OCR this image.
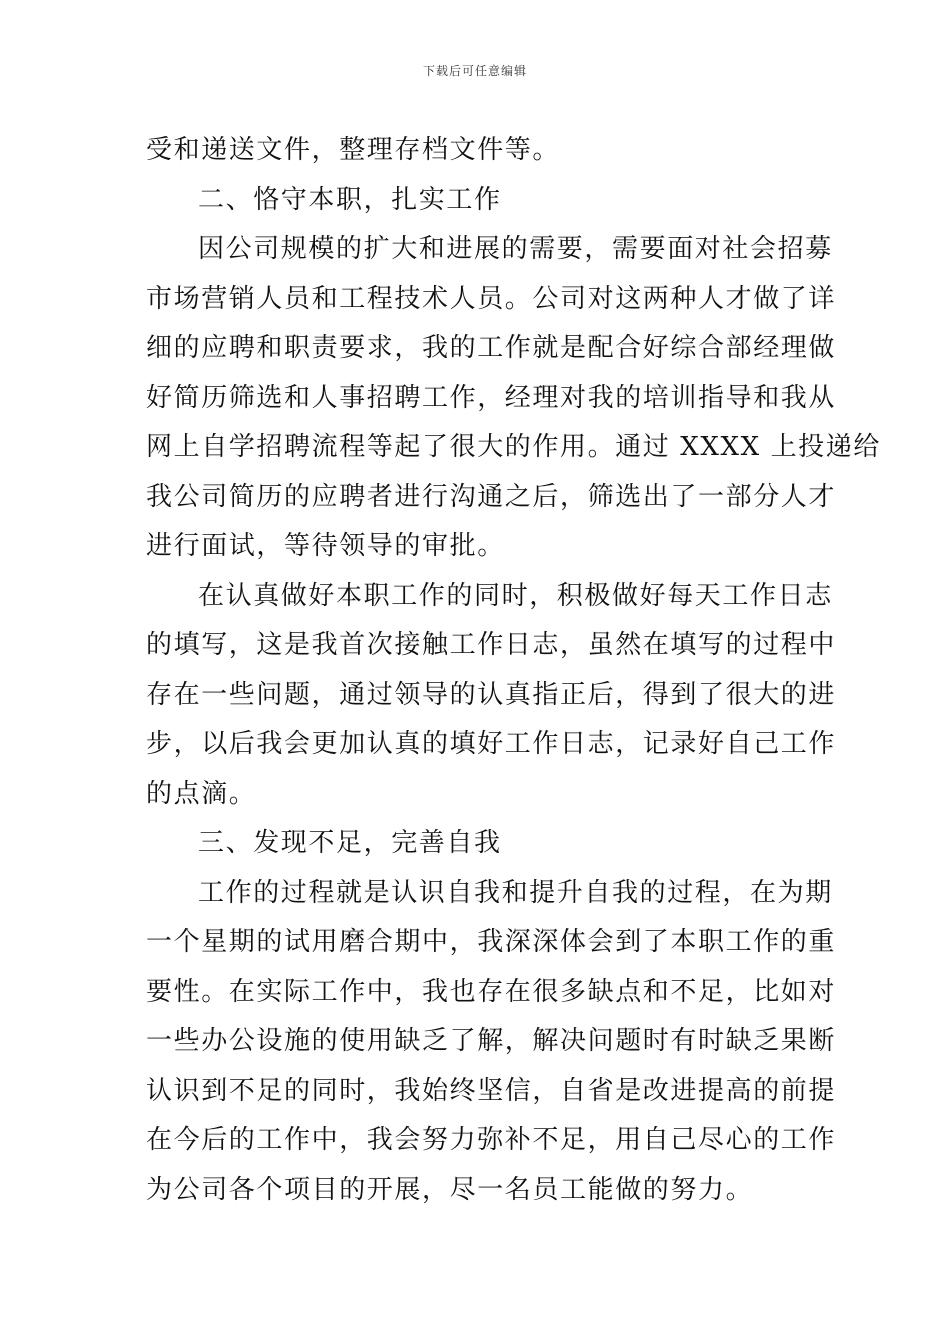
下载后可任意编辑
受和递送文件，整理存档文件等。
二、恪守本职，扎实工作
因公司规模的扩大和进展的需要，需要面对社会招募
市场营销人员和工程技术人员。公司对这两种人才做了详
细的应聘和职责要求，我的工作就是配合好综合部经理做
好简历筛选和人事招聘工作，经理对我的培训指导和我从
网上自学招聘流程等起了很大的作用。通过 XXXX 上投递给
我公司简历的应聘者进行沟通之后，筛选出了一部分人才
进行面试，等待领导的审批。
在认真做好本职工作的同时，积极做好每天工作日志
的填写，这是我首次接触工作日志，虽然在填写的过程中
存在一些问题，通过领导的认真指正后，得到了很大的进
步，以后我会更加认真的填好工作日志，记录好自己工作
的点滴。
三、发现不足，完善自我
工作的过程就是认识自我和提升自我的过程，在为期
一个星期的试用磨合期中，我深深体会到了本职工作的重
要性。在实际工作中，我也存在很多缺点和不足，比如对
一些办公设施的使用缺乏了解，解决问题时有时缺乏果断
认识到不足的同时，我始终坚信，自省是改进提高的前提
在今后的工作中，我会努力弥补不足，用自己尽心的工作
为公司各个项目的开展，尽一名员工能做的努力。
